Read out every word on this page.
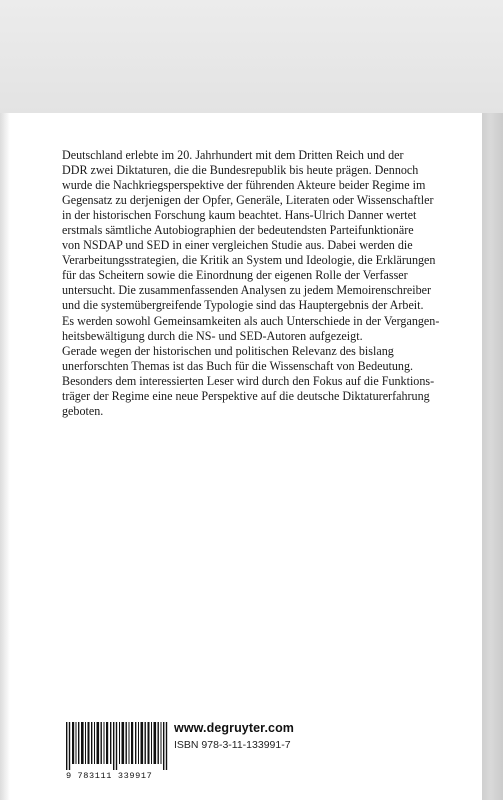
Deutschland erlebte im 20. Jahrhundert mit dem Dritten Reich und der
DDR zwei Diktaturen, die die Bundesrepublik bis heute prägen. Dennoch
wurde die Nachkriegsperspektive der führenden Akteure beider Regime im
Gegensatz zu derjenigen der Opfer, Generäle, Literaten oder Wissenschaftler
in der historischen Forschung kaum beachtet. Hans-Ulrich Danner wertet
erstmals sämtliche Autobiographien der bedeutendsten Parteifunktionäre
von NSDAP und SED in einer vergleichen Studie aus. Dabei werden die
Verarbeitungsstrategien, die Kritik an System und Ideologie, die Erklärungen
für das Scheitern sowie die Einordnung der eigenen Rolle der Verfasser
untersucht. Die zusammenfassenden Analysen zu jedem Memoirenschreiber
und die systemübergreifende Typologie sind das Hauptergebnis der Arbeit.
Es werden sowohl Gemeinsamkeiten als auch Unterschiede in der Vergangen-
heitsbewältigung durch die NS- und SED-Autoren aufgezeigt.
Gerade wegen der historischen und politischen Relevanz des bislang
unerforschten Themas ist das Buch für die Wissenschaft von Bedeutung.
Besonders dem interessierten Leser wird durch den Fokus auf die Funktions-
träger der Regime eine neue Perspektive auf die deutsche Diktaturerfahrung
geboten.

9 783111 339917
www.degruyter.com
ISBN 978-3-11-133991-7
